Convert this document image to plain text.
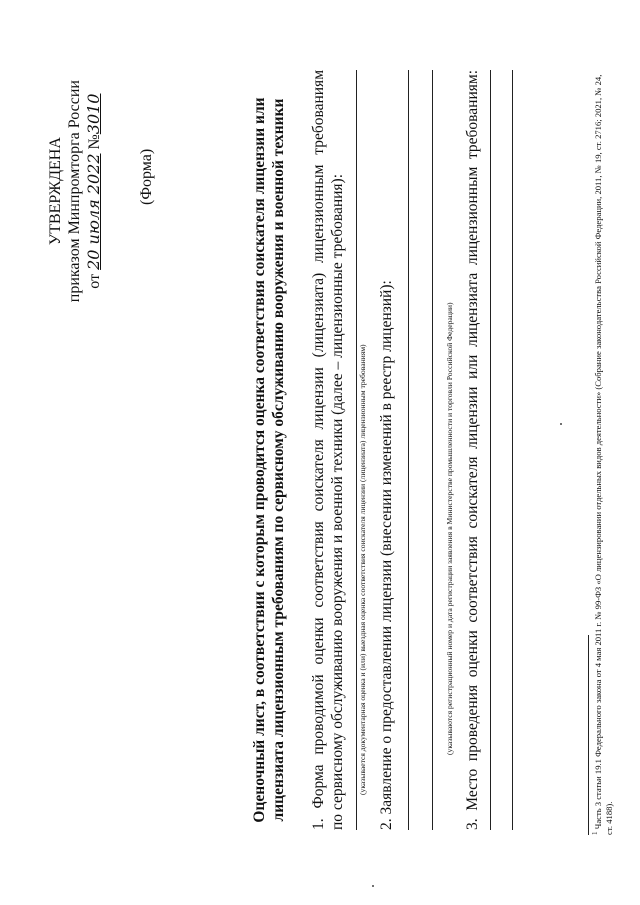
УТВЕРЖДЕНА приказом Минпромторга России от 20 июля 2022 №3010
(Форма)	Оценочный лист, в соответствии с которым проводится оценка соответствия соискателя лицензии или лицензиата лицензионным требованиям по сервисному обслуживанию вооружения и военной техники 1. Форма проводимой оценки соответствия соискателя лицензии (лицензиата) лицензионным требованиям по сервисному обслуживанию вооружения и военной техники (далее – лицензионные требования): (указывается документарная оценка и (или) выездная оценка соответствия соискателя лицензии (лицензиата) лицензионным требованиям) 2. Заявление о предоставлении лицензии (внесении изменений в реестр лицензий):	(указываются регистрационный номер и дата регистрации заявления в Министерстве промышленности и торговли Российской Федерации) 3. Место проведения оценки соответствия соискателя лицензии или лицензиата лицензионным требованиям:
$^1$ Часть 3 статьи 19.1 Федерального закона от 4 мая 2011 г. № 99-ФЗ «О лицензировании отдельных видов деятельности» (Собрание законодательства Российской Федерации, 2011, № 19, ст. 2716; 2021, № 24, ст. 4188).
